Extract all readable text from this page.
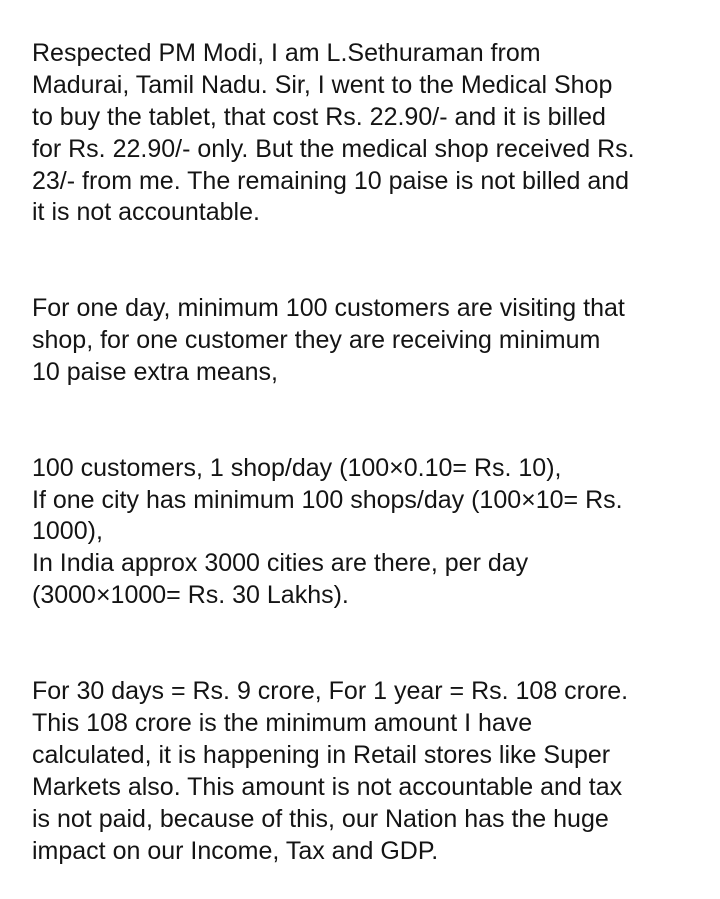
Respected PM Modi, I am L.Sethuraman from
Madurai, Tamil Nadu. Sir, I went to the Medical Shop
to buy the tablet, that cost Rs. 22.90/- and it is billed
for Rs. 22.90/- only. But the medical shop received Rs.
23/- from me. The remaining 10 paise is not billed and
it is not accountable.

For one day, minimum 100 customers are visiting that
shop, for one customer they are receiving minimum
10 paise extra means,

100 customers, 1 shop/day (100×0.10= Rs. 10),
If one city has minimum 100 shops/day (100×10= Rs.
1000),
In India approx 3000 cities are there, per day
(3000×1000= Rs. 30 Lakhs).

For 30 days = Rs. 9 crore, For 1 year = Rs. 108 crore.
This 108 crore is the minimum amount I have
calculated, it is happening in Retail stores like Super
Markets also. This amount is not accountable and tax
is not paid, because of this, our Nation has the huge
impact on our Income, Tax and GDP.
